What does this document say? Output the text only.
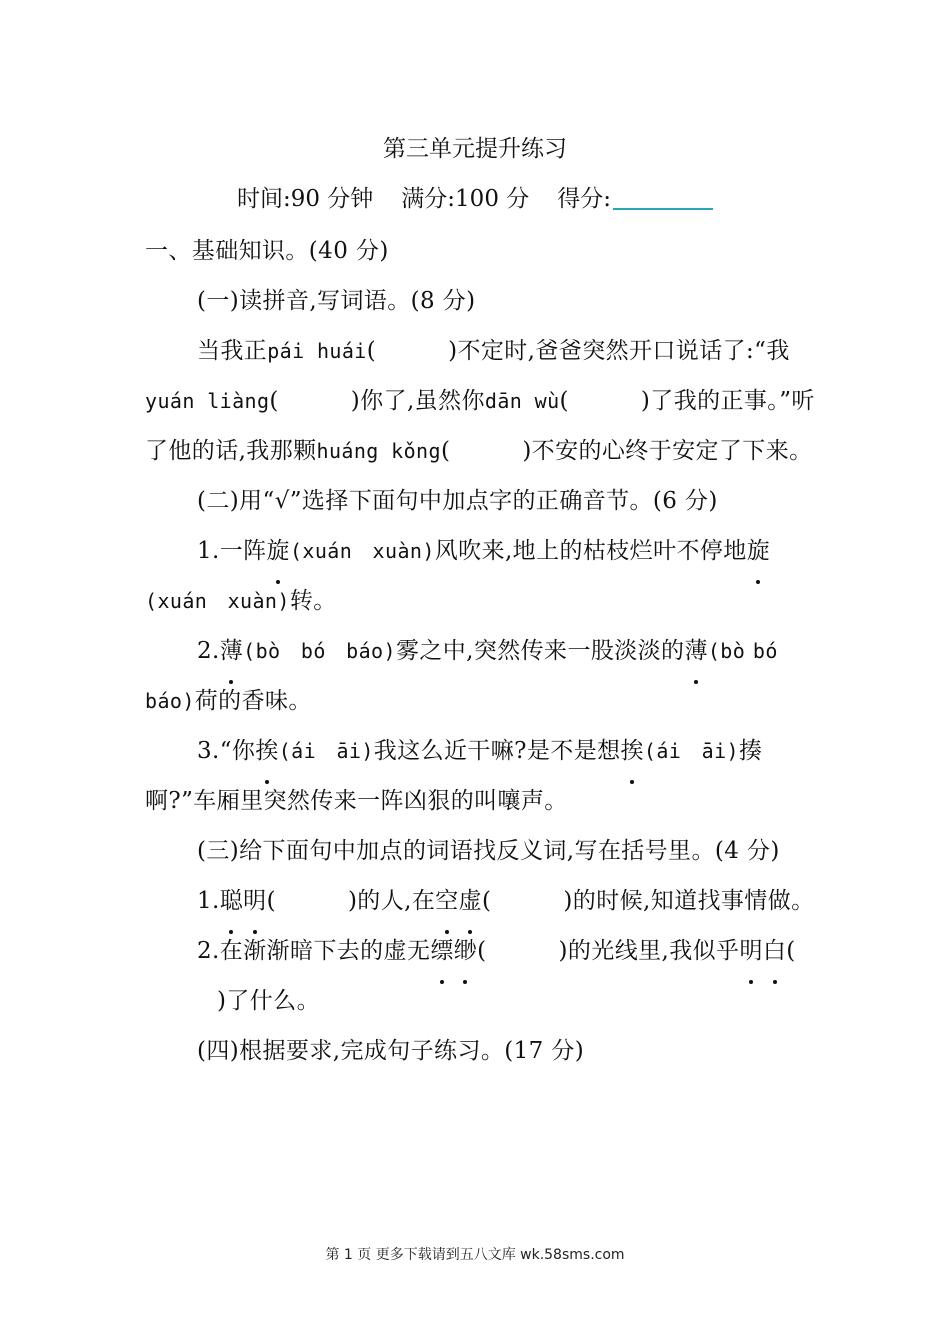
第三单元提升练习
时间:90 分钟 满分:100 分 得分:

一、基础知识。(40 分)

(一)读拼音,写词语。(8 分)

当我正pái huái(	)不定时,爸爸突然开口说话了:“我yuán liàng(	)你了,虽然你dān wù(	)了我的正事。”听了他的话,我那颗huáng kǒng(	)不安的心终于安定了下来。

(二)用“√”选择下面句中加点字的正确音节。(6 分)

1.一阵旋(xuán　xuàn)风吹来,地上的枯枝烂叶不停地旋(xuán　xuàn)转。

2.薄(bò　bó　báo)雾之中,突然传来一股淡淡的薄(bò bó　báo)荷的香味。

3.“你挨(ái　āi)我这么近干嘛?是不是想挨(ái　āi)揍啊?”车厢里突然传来一阵凶狠的叫嚷声。

(三)给下面句中加点的词语找反义词,写在括号里。(4 分)

1.聪明(	)的人,在空虚(	)的时候,知道找事情做。

2.在渐渐暗下去的虚无缥缈(	)的光线里,我似乎明白()了什么。

(四)根据要求,完成句子练习。(17 分)

第 1 页 更多下载请到五八文库 wk.58sms.com
